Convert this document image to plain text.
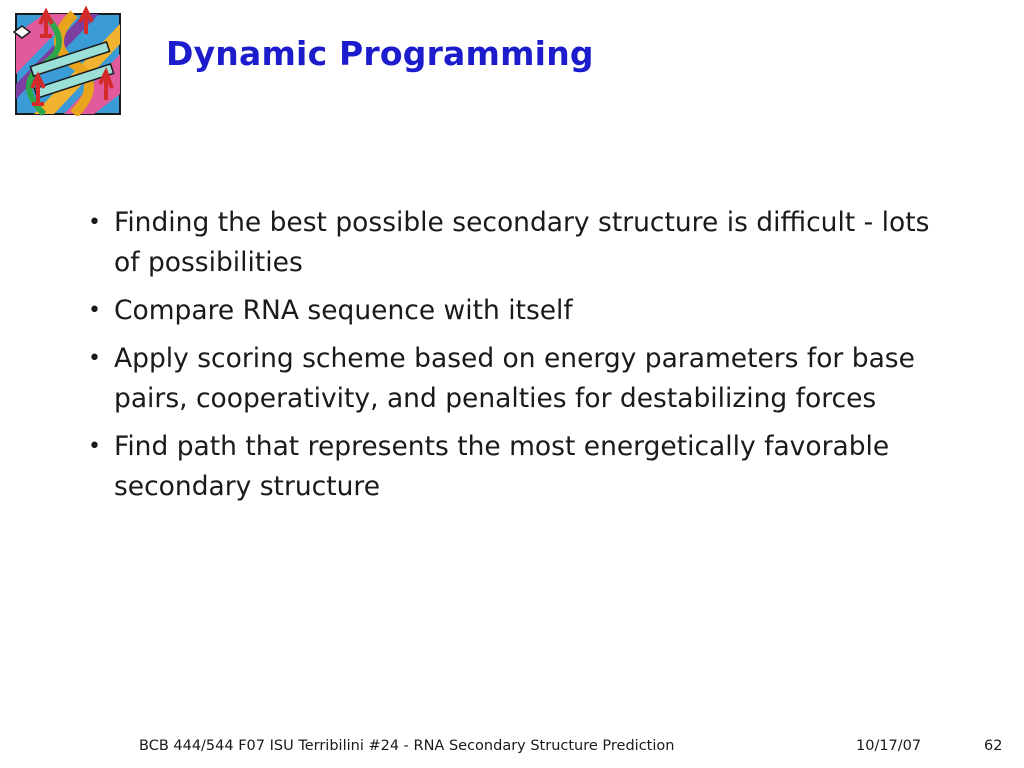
Dynamic Programming
• Finding the best possible secondary structure is difficult - lots of possibilities
• Compare RNA sequence with itself
• Apply scoring scheme based on energy parameters for base pairs, cooperativity, and penalties for destabilizing forces
• Find path that represents the most energetically favorable secondary structure
BCB 444/544 F07 ISU Terribilini #24 - RNA Secondary Structure Prediction	10/17/07	62
